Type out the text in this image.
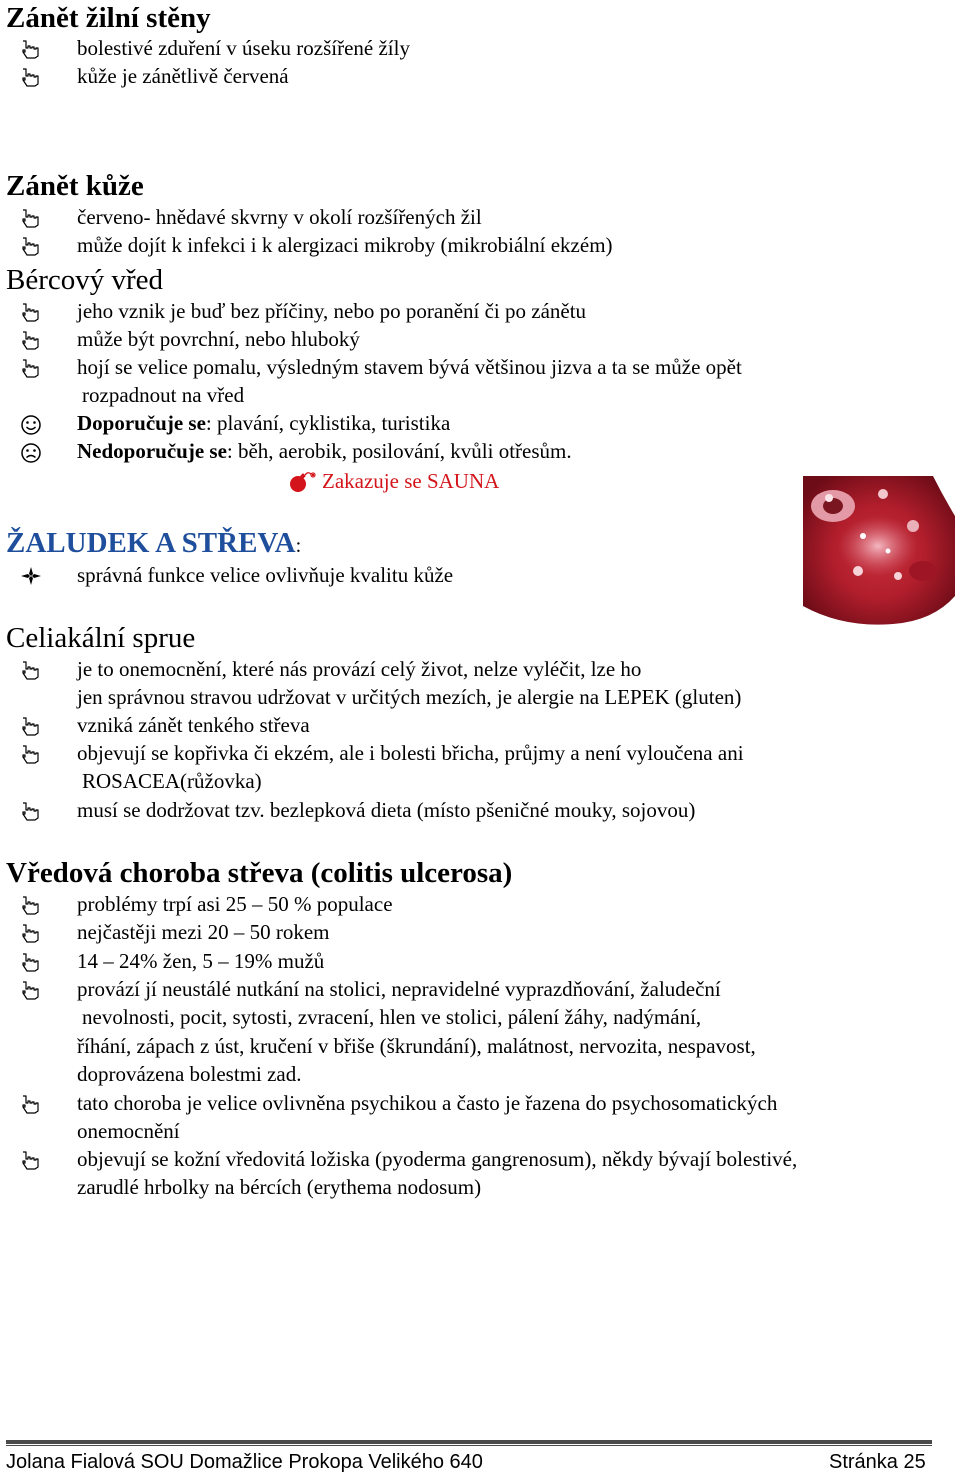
Zánět žilní stěny
bolestivé zduření v úseku rozšířené žíly
kůže je zánětlivě červená
Zánět kůže
červeno- hnědavé skvrny v okolí rozšířených žil
může dojít k infekci i k alergizaci mikroby (mikrobiální ekzém)
Bércový vřed
jeho vznik je buď bez příčiny, nebo po poranění či po zánětu
může být povrchní, nebo hluboký
hojí se velice pomalu, výsledným stavem bývá většinou jizva a ta se může opět
rozpadnout na vřed
Doporučuje se: plavání, cyklistika, turistika
Nedoporučuje se: běh, aerobik, posilování, kvůli otřesům.
Zakazuje se SAUNA
ŽALUDEK A STŘEVA:
správná funkce velice ovlivňuje kvalitu kůže
Celiakální sprue
je to onemocnění, které nás provází celý život, nelze vyléčit, lze ho
jen správnou stravou udržovat v určitých mezích, je alergie na LEPEK (gluten)
vzniká zánět tenkého střeva
objevují se kopřivka či ekzém, ale i bolesti břicha, průjmy a není vyloučena ani
ROSACEA(růžovka)
musí se dodržovat tzv. bezlepková dieta (místo pšeničné mouky, sojovou)
Vředová choroba střeva (colitis ulcerosa)
problémy trpí asi 25 – 50 % populace
nejčastěji mezi 20 – 50 rokem
14 – 24% žen, 5 – 19% mužů
provází jí neustálé nutkání na stolici, nepravidelné vyprazdňování, žaludeční
nevolnosti, pocit, sytosti, zvracení, hlen ve stolici, pálení žáhy, nadýmání,
říhání, zápach z úst, kručení v břiše (škrundání), malátnost, nervozita, nespavost,
doprovázena bolestmi zad.
tato choroba je velice ovlivněna psychikou a často je řazena do psychosomatických
onemocnění
objevují se kožní vředovitá ložiska (pyoderma gangrenosum), někdy bývají bolestivé,
zarudlé hrbolky na bércích (erythema nodosum)
Jolana Fialová SOU Domažlice Prokopa Velikého 640	Stránka 25
